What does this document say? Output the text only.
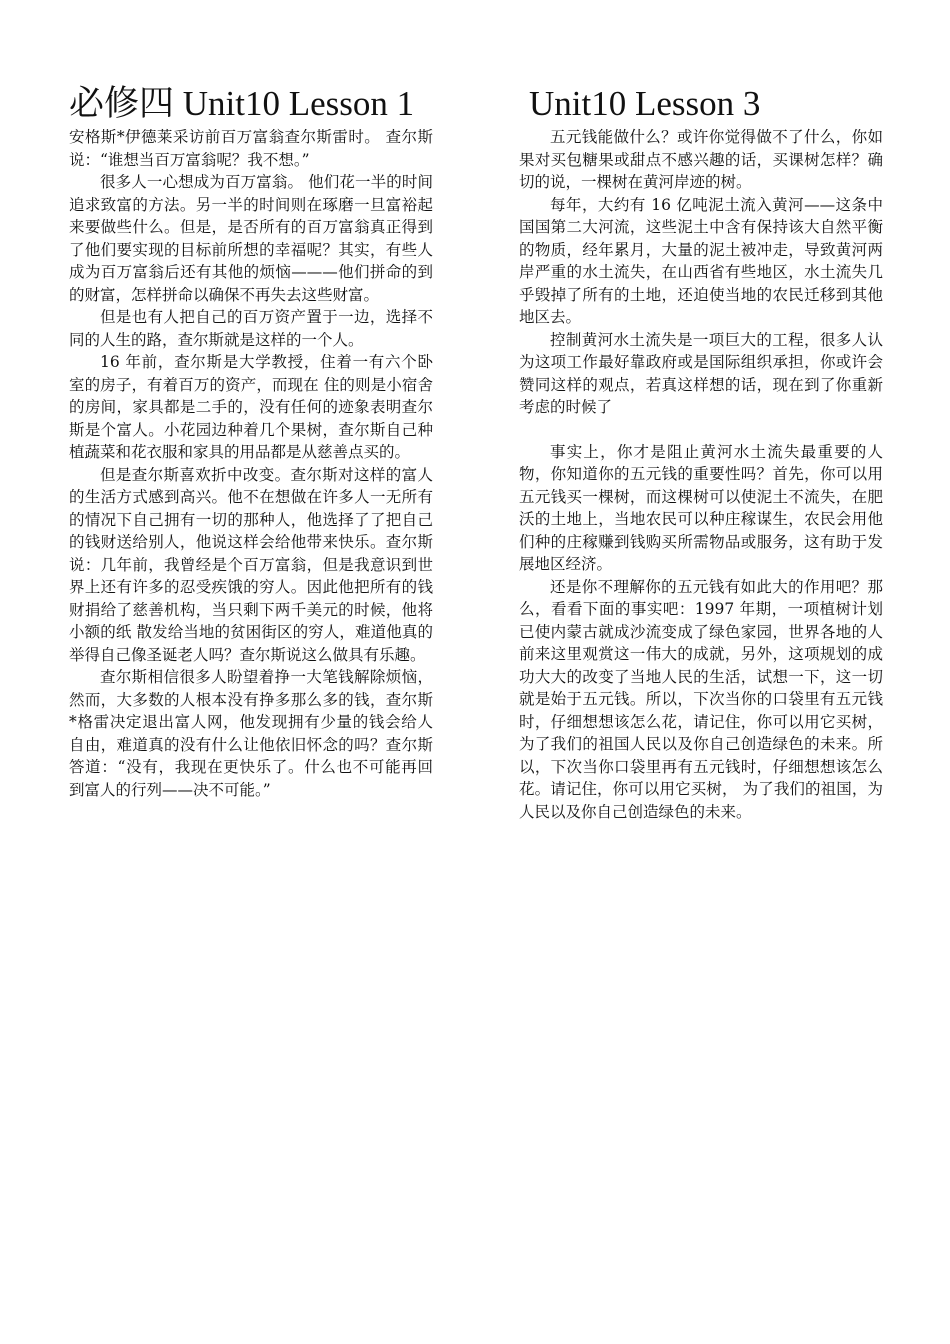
必修四 Unit10 Lesson 1

安格斯*伊德莱采访前百万富翁查尔斯雷时。 查尔斯说：“谁想当百万富翁呢？我不想。”

很多人一心想成为百万富翁。 他们花一半的时间追求致富的方法。另一半的时间则在琢磨一旦富裕起来要做些什么。但是，是否所有的百万富翁真正得到了他们要实现的目标前所想的幸福呢？其实，有些人成为百万富翁后还有其他的烦恼———他们拼命的到的财富，怎样拼命以确保不再失去这些财富。

但是也有人把自己的百万资产置于一边，选择不同的人生的路，查尔斯就是这样的一个人。

16 年前，查尔斯是大学教授，住着一有六个卧室的房子，有着百万的资产，而现在 住的则是小宿舍的房间，家具都是二手的，没有任何的迹象表明查尔斯是个富人。小花园边种着几个果树，查尔斯自己种植蔬菜和花衣服和家具的用品都是从慈善点买的。

但是查尔斯喜欢折中改变。查尔斯对这样的富人的生活方式感到高兴。他不在想做在许多人一无所有的情况下自己拥有一切的那种人，他选择了了把自己的钱财送给别人，他说这样会给他带来快乐。查尔斯说：几年前，我曾经是个百万富翁，但是我意识到世界上还有许多的忍受疾饿的穷人。因此他把所有的钱财捐给了慈善机构，当只剩下两千美元的时候，他将小额的纸 散发给当地的贫困街区的穷人，难道他真的举得自己像圣诞老人吗？查尔斯说这么做具有乐趣。

查尔斯相信很多人盼望着挣一大笔钱解除烦恼，然而，大多数的人根本没有挣多那么多的钱，查尔斯*格雷决定退出富人网，他发现拥有少量的钱会给人自由，难道真的没有什么让他依旧怀念的吗？查尔斯答道：“没有，我现在更快乐了。什么也不可能再回到富人的行列——决不可能。”

Unit10 Lesson 3

五元钱能做什么？或许你觉得做不了什么，你如果对买包糖果或甜点不感兴趣的话，买课树怎样？确切的说，一棵树在黄河岸迹的树。

每年，大约有 16 亿吨泥土流入黄河——这条中国国第二大河流，这些泥土中含有保持该大自然平衡的物质，经年累月，大量的泥土被冲走，导致黄河两岸严重的水土流失，在山西省有些地区，水土流失几乎毁掉了所有的土地，还迫使当地的农民迁移到其他地区去。

控制黄河水土流失是一项巨大的工程，很多人认为这项工作最好靠政府或是国际组织承担，你或许会赞同这样的观点，若真这样想的话，现在到了你重新考虑的时候了

事实上，你才是阻止黄河水土流失最重要的人物，你知道你的五元钱的重要性吗？首先，你可以用五元钱买一棵树，而这棵树可以使泥土不流失，在肥沃的土地上，当地农民可以种庄稼谋生，农民会用他们种的庄稼赚到钱购买所需物品或服务，这有助于发展地区经济。

还是你不理解你的五元钱有如此大的作用吧？那么，看看下面的事实吧：1997 年期，一项植树计划已使内蒙古就成沙流变成了绿色家园，世界各地的人前来这里观赏这一伟大的成就，另外，这项规划的成功大大的改变了当地人民的生活，试想一下，这一切就是始于五元钱。所以，下次当你的口袋里有五元钱时，仔细想想该怎么花，请记住，你可以用它买树，为了我们的祖国人民以及你自己创造绿色的未来。所以，下次当你口袋里再有五元钱时，仔细想想该怎么花。请记住，你可以用它买树， 为了我们的祖国，为人民以及你自己创造绿色的未来。
